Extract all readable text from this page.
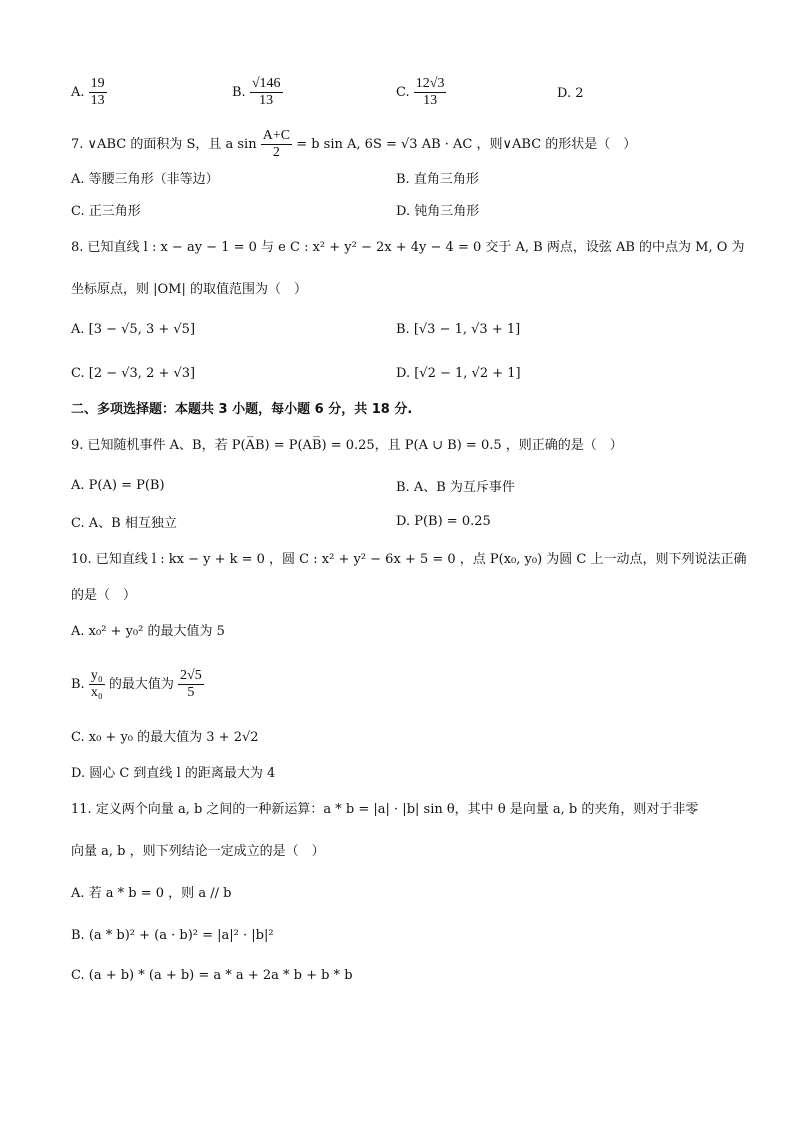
A. $\frac{19}{13}$	B. $\frac{√146}{13}$	C. $\frac{12√3}{13}$	D. 2
7. ∨ABC 的面积为 S，且 a $\sin \frac{A+C}{2} = b$ sin A, 6S = √3 AB · AC ，则∨ABC 的形状是（　）
A. 等腰三角形（非等边）	B. 直角三角形
C. 正三角形	D. 钝角三角形
8. 已知直线 l : x − ay − 1 = 0 与 e C : x² + y² − 2x + 4y − 4 = 0 交于 A, B 两点，设弦 AB 的中点为 M, O 为
坐标原点，则 |OM| 的取值范围为（　）
A. [3 − √5, 3 + √5]	B. [√3 − 1, √3 + 1]
C. [2 − √3, 2 + √3]	D. [√2 − 1, √2 + 1]
二、多项选择题：本题共 3 小题，每小题 6 分，共 18 分.
9. 已知随机事件 A、B，若 P(A̅B) = P(AB̅) = 0.25，且 P(A ∪ B) = 0.5 ，则正确的是（　）
A. P(A) = P(B)	B. A、B 为互斥事件
C. A、B 相互独立	D. P(B) = 0.25
10. 已知直线 l : kx − y + k = 0 ，圆 C : x² + y² − 6x + 5 = 0 ，点 P(x₀, y₀) 为圆 C 上一动点，则下列说法正确
的是（　）
A. x₀² + y₀² 的最大值为 5
B. $\frac{\text{y₀}}{\text{x₀}}$ 的最大值为 $\frac{2√5}{5}$
C. x₀ + y₀ 的最大值为 3 + 2√2
D. 圆心 C 到直线 l 的距离最大为 4
11. 定义两个向量 a, b 之间的一种新运算：a * b = |a| · |b| sin θ，其中 θ 是向量 a, b 的夹角，则对于非零
向量 a, b ，则下列结论一定成立的是（　）
A. 若 a * b = 0 ，则 a // b
B. (a * b)² + (a · b)² = |a|² · |b|²
C. (a + b) * (a + b) = a * a + 2a * b + b * b
